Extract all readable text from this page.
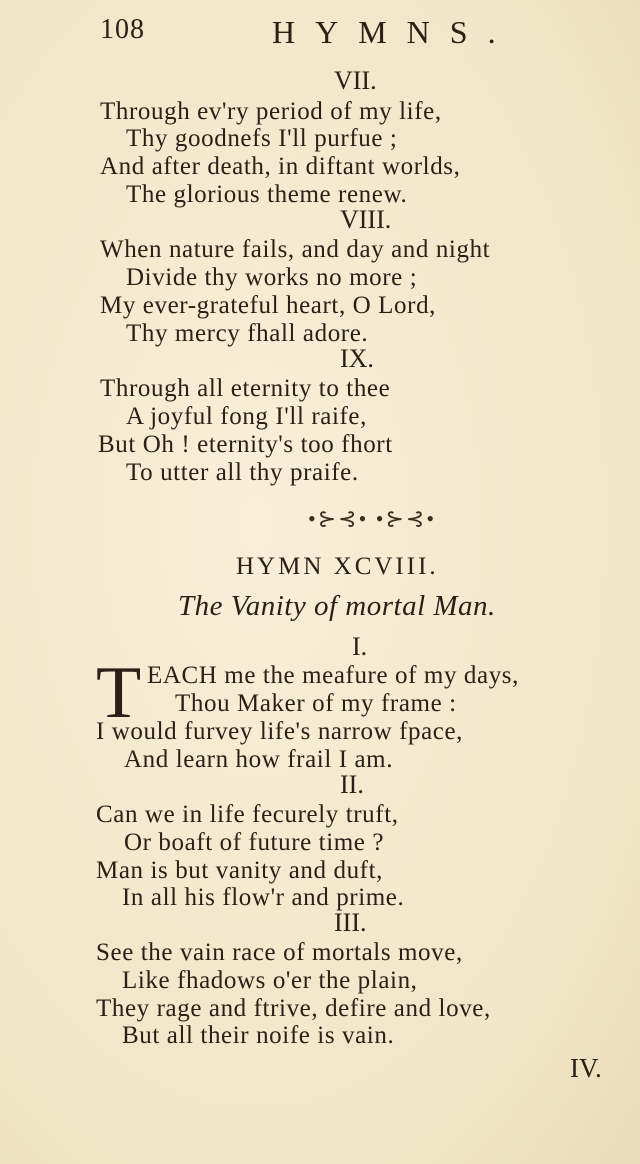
108	HYMNS.
VII.
Through ev'ry period of my life,
Thy goodnefs I'll purfue ;
And after death, in diftant worlds,
The glorious theme renew.
VIII.
When nature fails, and day and night
Divide thy works no more ;
My ever-grateful heart, O Lord,
Thy mercy fhall adore.
IX.
Through all eternity to thee
A joyful fong I'll raife,
But Oh ! eternity's too fhort
To utter all thy praife.
•⊱⊰• •⊱⊰•
HYMN XCVIII.
The Vanity of mortal Man.
I.
T EACH me the meafure of my days,
Thou Maker of my frame :
I would furvey life's narrow fpace,
And learn how frail I am.
II.
Can we in life fecurely truft,
Or boaft of future time ?
Man is but vanity and duft,
In all his flow'r and prime.
III.
See the vain race of mortals move,
Like fhadows o'er the plain,
They rage and ftrive, defire and love,
But all their noife is vain.
IV.
